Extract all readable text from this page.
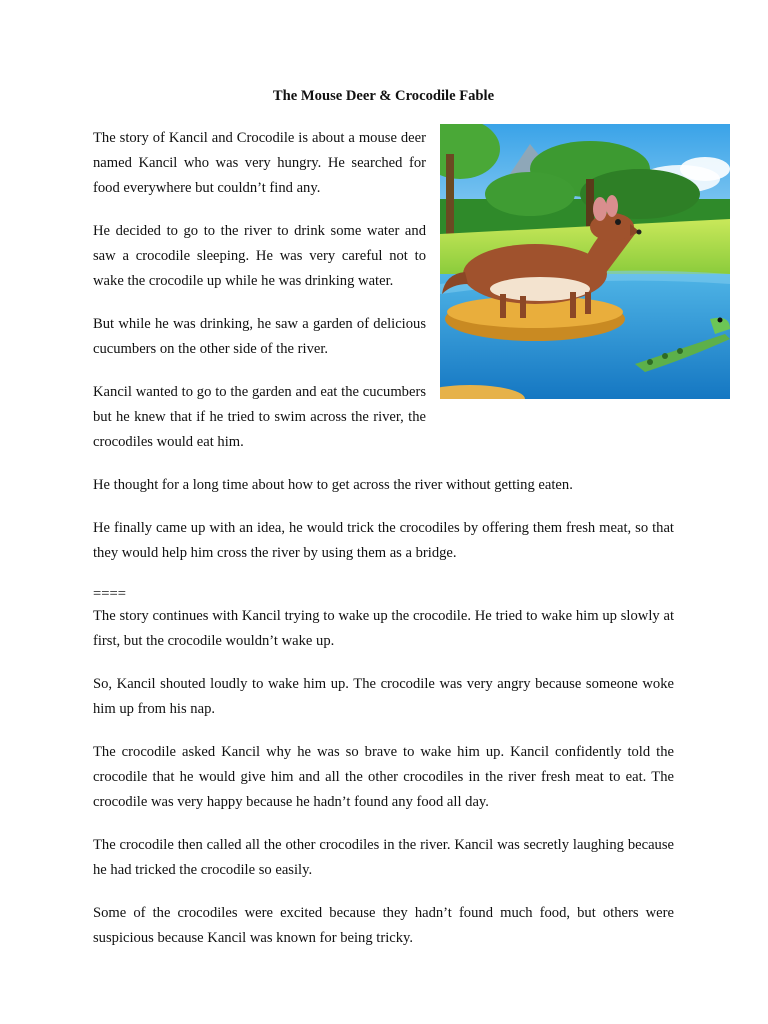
The Mouse Deer & Crocodile Fable

The story of Kancil and Crocodile is about a mouse deer named Kancil who was very hungry. He searched for food everywhere but couldn’t find any.

He decided to go to the river to drink some water and saw a crocodile sleeping. He was very careful not to wake the crocodile up while he was drinking water.

But while he was drinking, he saw a garden of delicious cucumbers on the other side of the river.

Kancil wanted to go to the garden and eat the cucumbers but he knew that if he tried to swim across the river, the crocodiles would eat him.

He thought for a long time about how to get across the river without getting eaten.

He finally came up with an idea, he would trick the crocodiles by offering them fresh meat, so that they would help him cross the river by using them as a bridge.

====

The story continues with Kancil trying to wake up the crocodile. He tried to wake him up slowly at first, but the crocodile wouldn’t wake up.

So, Kancil shouted loudly to wake him up. The crocodile was very angry because someone woke him up from his nap.

The crocodile asked Kancil why he was so brave to wake him up. Kancil confidently told the crocodile that he would give him and all the other crocodiles in the river fresh meat to eat. The crocodile was very happy because he hadn’t found any food all day.

The crocodile then called all the other crocodiles in the river. Kancil was secretly laughing because he had tricked the crocodile so easily.

Some of the crocodiles were excited because they hadn’t found much food, but others were suspicious because Kancil was known for being tricky.
